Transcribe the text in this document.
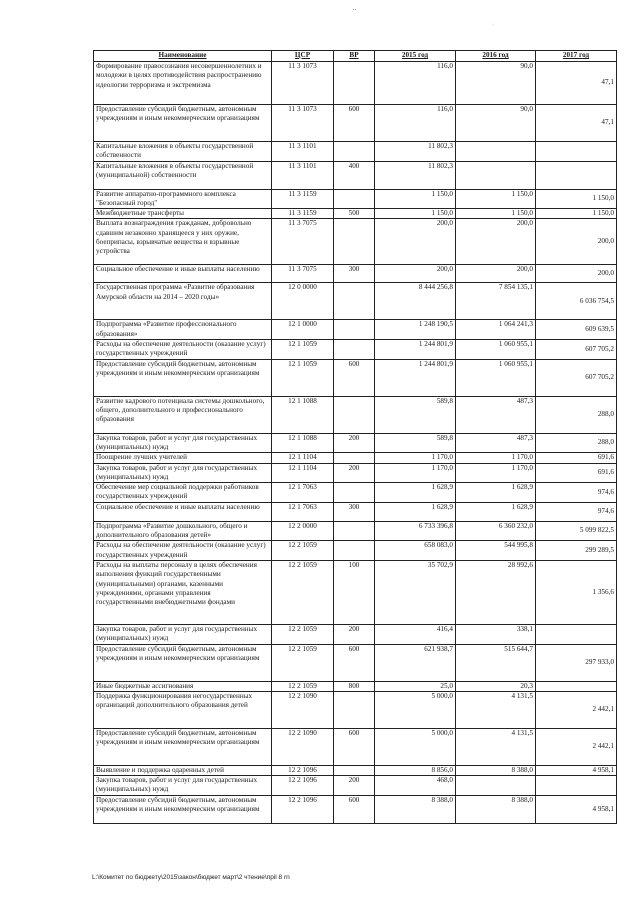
··
·
Наименование	ЦСР	ВР	2015 год	2016 год	2017 год
Формирование правосознания несовершеннолетних и молодежи в целях противодействия распространению идеологии терроризма и экстремизма	11 3 1073		116,0	90,0	47,1
Предоставление субсидий бюджетным, автономным учреждениям и иным некоммерческим организациям	11 3 1073	600	116,0	90,0	47,1
Капитальные вложения в объекты государственной собственности	11 3 1101		11 802,3		
Капитальные вложения в объекты государственной (муниципальной) собственности	11 3 1101	400	11 802,3		
Развитие аппаратно-программного комплекса "Безопасный город"	11 3 1159		1 150,0	1 150,0	1 150,0
Межбюджетные трансферты	11 3 1159	500	1 150,0	1 150,0	1 150,0
Выплата вознаграждения гражданам, добровольно сдавшим незаконно хранящееся у них оружие, боеприпасы, взрывчатые вещества и взрывные устройства	11 3 7075		200,0	200,0	200,0
Социальное обеспечение и иные выплаты населению	11 3 7075	300	200,0	200,0	200,0
Государственная программа «Развитие образования Амурской области на 2014 – 2020 годы»	12 0 0000		8 444 256,8	7 854 135,1	6 036 754,5
Подпрограмма «Развитие профессионального образования»	12 1 0000		1 248 190,5	1 064 241,3	609 639,5
Расходы на обеспечение деятельности (оказание услуг) государственных учреждений	12 1 1059		1 244 801,9	1 060 955,1	607 705,2
Предоставление субсидий бюджетным, автономным учреждениям и иным некоммерческим организациям	12 1 1059	600	1 244 801,9	1 060 955,1	607 705,2
Развитие кадрового потенциала системы дошкольного, общего, дополнительного и профессионального образования	12 1 1088		589,8	487,3	288,0
Закупка товаров, работ и услуг для государственных (муниципальных) нужд	12 1 1088	200	589,8	487,3	288,0
Поощрение лучших учителей	12 1 1104		1 170,0	1 170,0	691,6
Закупка товаров, работ и услуг для государственных (муниципальных) нужд	12 1 1104	200	1 170,0	1 170,0	691,6
Обеспечение мер социальной поддержки работников государственных учреждений	12 1 7063		1 628,9	1 628,9	974,6
Социальное обеспечение и иные выплаты населению	12 1 7063	300	1 628,9	1 628,9	974,6
Подпрограмма «Развитие дошкольного, общего и дополнительного образования детей»	12 2 0000		6 733 396,8	6 360 232,0	5 099 822,5
Расходы на обеспечение деятельности (оказание услуг) государственных учреждений	12 2 1059		658 083,0	544 995,8	299 289,5
Расходы на выплаты персоналу в целях обеспечения выполнения функций государственными (муниципальными) органами, казенными учреждениями, органами управления государственными внебюджетными фондами	12 2 1059	100	35 702,9	28 992,6	1 356,6
Закупка товаров, работ и услуг для государственных (муниципальных) нужд	12 2 1059	200	416,4	338,1	
Предоставление субсидий бюджетным, автономным учреждениям и иным некоммерческим организациям	12 2 1059	600	621 938,7	515 644,7	297 933,0
Иные бюджетные ассигнования	12 2 1059	800	25,0	20,3	
Поддержка функционирования негосударственных организаций дополнительного образования детей	12 2 1090		5 000,0	4 131,5	2 442,1
Предоставление субсидий бюджетным, автономным учреждениям и иным некоммерческим организациям	12 2 1090	600	5 000,0	4 131,5	2 442,1
Выявление и поддержка одаренных детей	12 2 1096		8 856,0	8 388,0	4 958,1
Закупка товаров, работ и услуг для государственных (муниципальных) нужд	12 2 1096	200	468,0		
Предоставление субсидий бюджетным, автономным учреждениям и иным некоммерческим организациям	12 2 1096	600	8 388,0	8 388,0	4 958,1
L:\Комитет по бюджету\2015\закон\бюджет март\2 чтение\прil 8 rn
